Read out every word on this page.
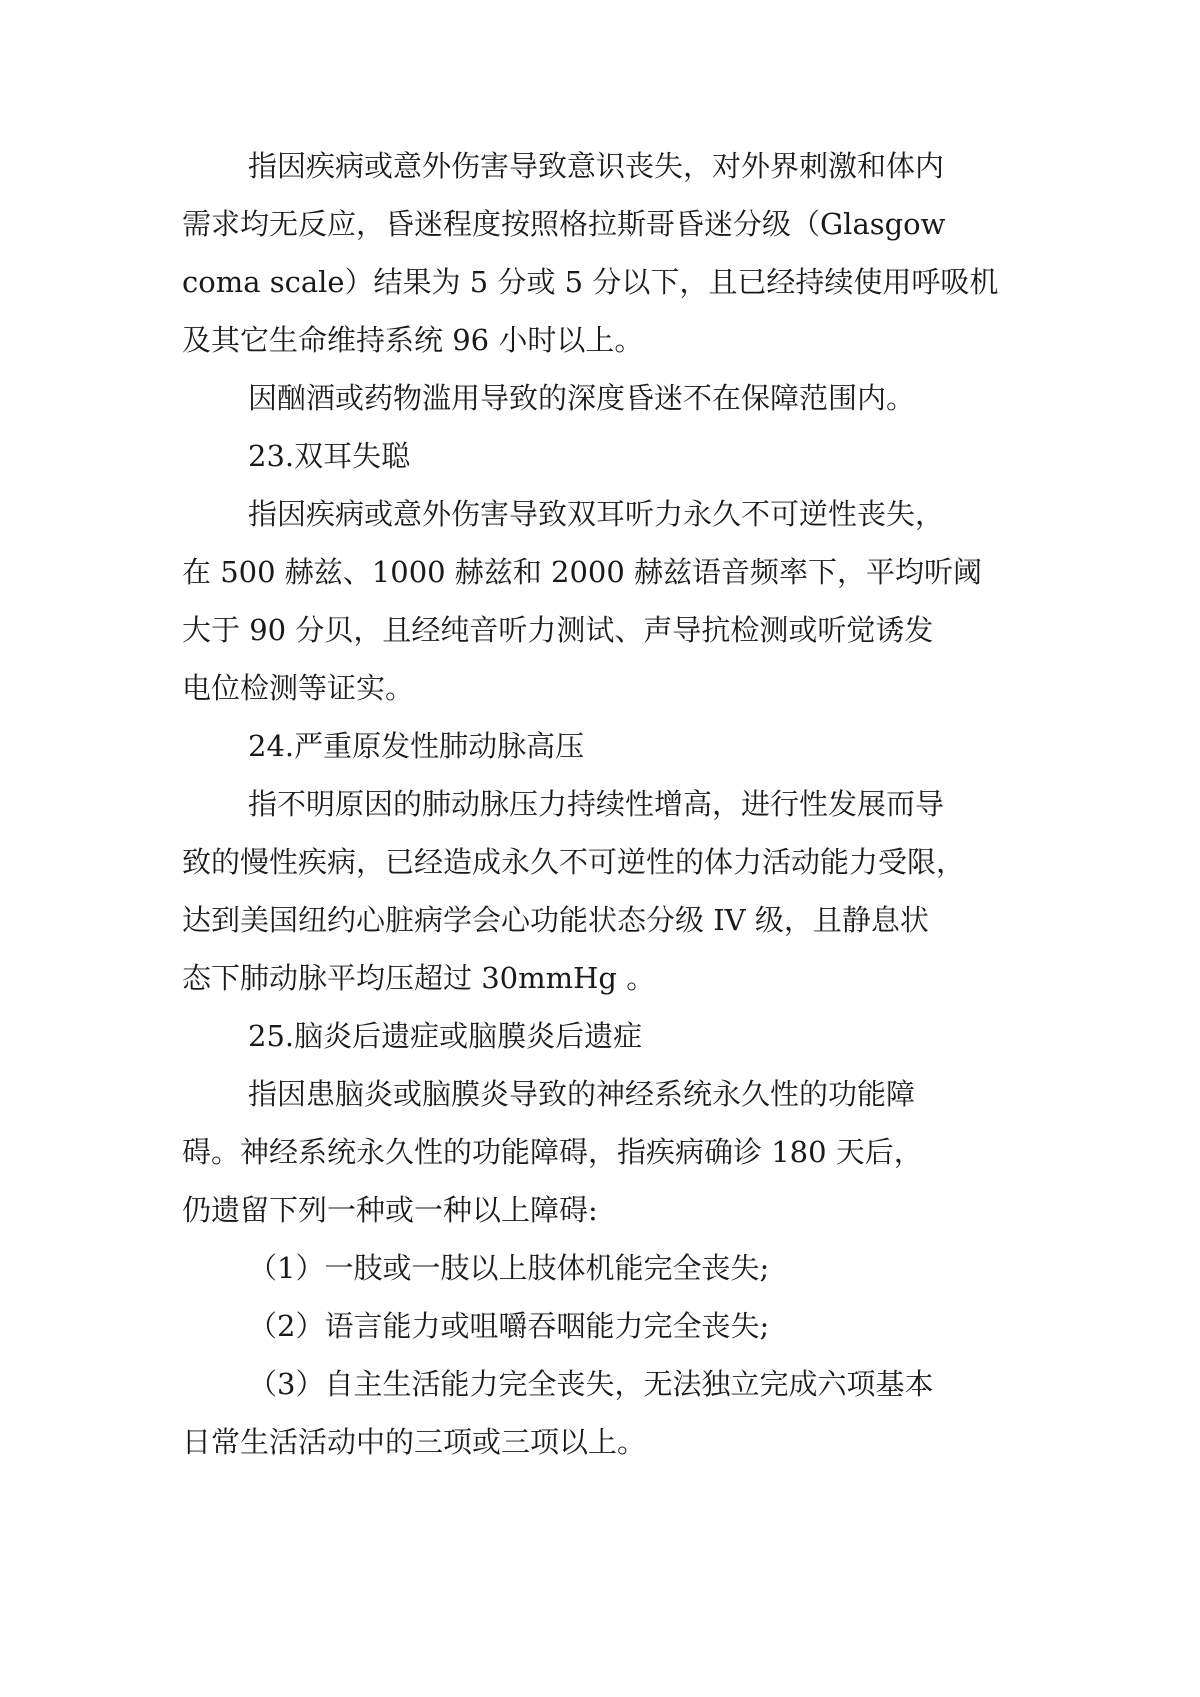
指因疾病或意外伤害导致意识丧失，对外界刺激和体内

需求均无反应，昏迷程度按照格拉斯哥昏迷分级（Glasgow

coma scale）结果为 5 分或 5 分以下，且已经持续使用呼吸机

及其它生命维持系统 96 小时以上。

因酗酒或药物滥用导致的深度昏迷不在保障范围内。

23.双耳失聪

指因疾病或意外伤害导致双耳听力永久不可逆性丧失，

在 500 赫兹、1000 赫兹和 2000 赫兹语音频率下，平均听阈

大于 90 分贝，且经纯音听力测试、声导抗检测或听觉诱发

电位检测等证实。

24.严重原发性肺动脉高压

指不明原因的肺动脉压力持续性增高，进行性发展而导

致的慢性疾病，已经造成永久不可逆性的体力活动能力受限，

达到美国纽约心脏病学会心功能状态分级 IV 级，且静息状

态下肺动脉平均压超过 30mmHg 。

25.脑炎后遗症或脑膜炎后遗症

指因患脑炎或脑膜炎导致的神经系统永久性的功能障

碍。神经系统永久性的功能障碍，指疾病确诊 180 天后，

仍遗留下列一种或一种以上障碍:

（1）一肢或一肢以上肢体机能完全丧失;

（2）语言能力或咀嚼吞咽能力完全丧失;

（3）自主生活能力完全丧失，无法独立完成六项基本

日常生活活动中的三项或三项以上。
